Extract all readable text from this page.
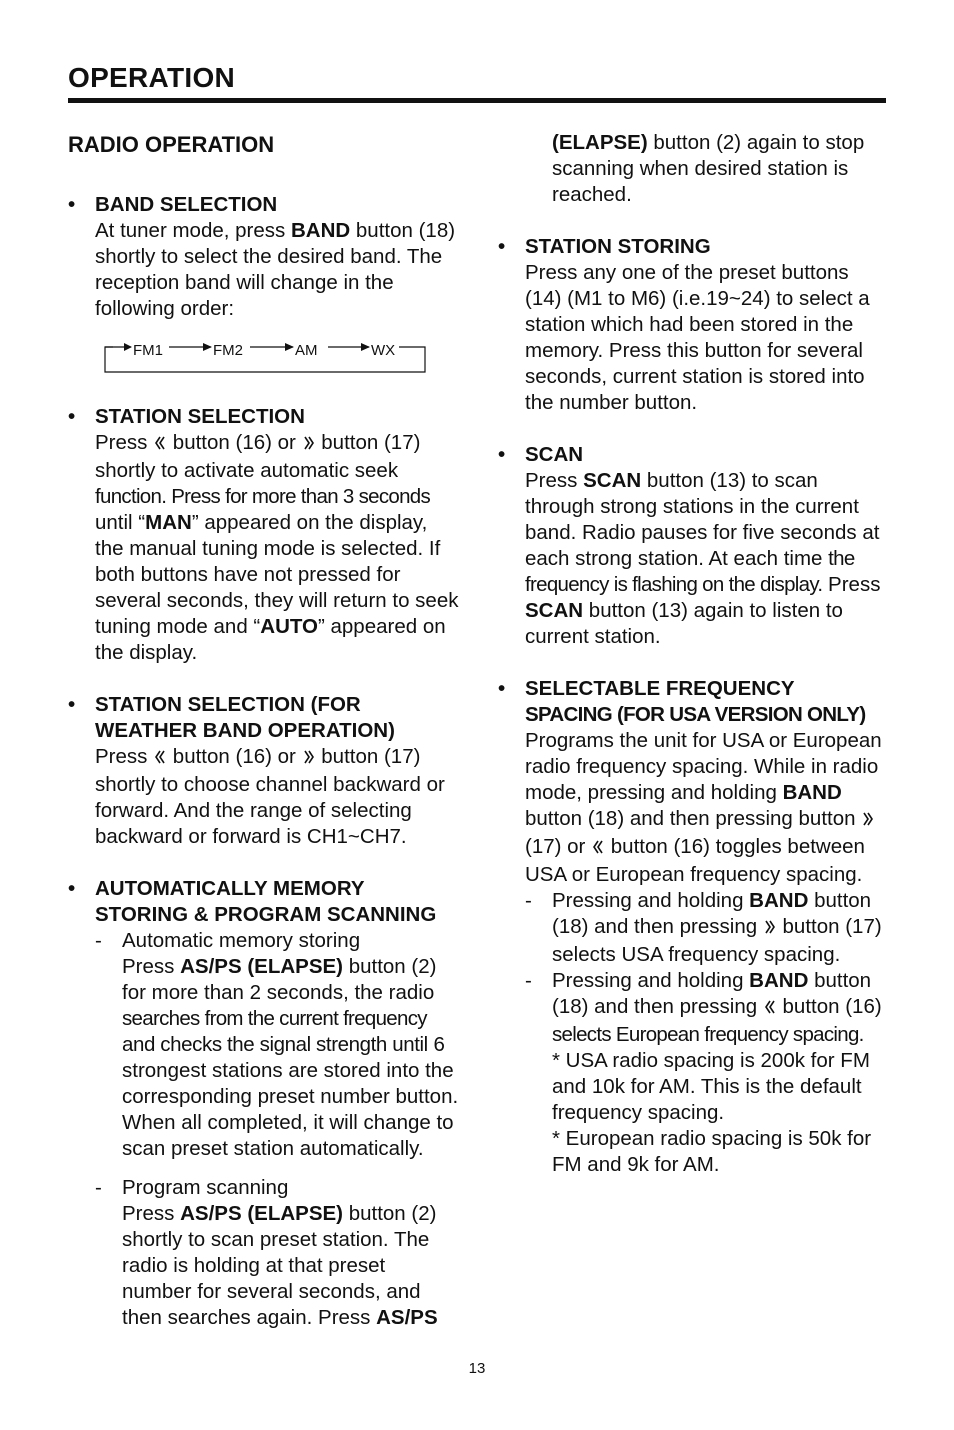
OPERATION
RADIO OPERATION
• BAND SELECTION
At tuner mode, press BAND button (18) shortly to select the desired band. The reception band will change in the following order:
FM1	FM2	AM	WX
• STATION SELECTION
Press  button (16) or  button (17) shortly to activate automatic seek function. Press for more than 3 seconds until “MAN” appeared on the display, the manual tuning mode is selected. If both buttons have not pressed for several seconds, they will return to seek tuning mode and “AUTO” appeared on the display.
• STATION SELECTION (FOR
WEATHER BAND OPERATION)
Press  button (16) or  button (17) shortly to choose channel backward or forward. And the range of selecting backward or forward is CH1~CH7.
• AUTOMATICALLY MEMORY
STORING & PROGRAM SCANNING
- Automatic memory storing
Press AS/PS (ELAPSE) button (2) for more than 2 seconds, the radio searches from the current frequency and checks the signal strength until 6 strongest stations are stored into the corresponding preset number button. When all completed, it will change to scan preset station automatically.
- Program scanning
Press AS/PS (ELAPSE) button (2) shortly to scan preset station. The radio is holding at that preset number for several seconds, and then searches again. Press AS/PS
(ELAPSE) button (2) again to stop scanning when desired station is reached.
• STATION STORING
Press any one of the preset buttons (14) (M1 to M6) (i.e.19~24) to select a station which had been stored in the memory. Press this button for several seconds, current station is stored into the number button.
• SCAN
Press SCAN button (13) to scan through strong stations in the current band. Radio pauses for five seconds at each strong station. At each time the frequency is flashing on the display. Press SCAN button (13) again to listen to current station.
• SELECTABLE FREQUENCY
SPACING (FOR USA VERSION ONLY)
Programs the unit for USA or European radio frequency spacing. While in radio mode, pressing and holding BAND button (18) and then pressing button  (17) or  button (16) toggles between USA or European frequency spacing.
- Pressing and holding BAND button (18) and then pressing  button (17) selects USA frequency spacing.
- Pressing and holding BAND button (18) and then pressing  button (16) selects European frequency spacing.
* USA radio spacing is 200k for FM and 10k for AM. This is the default frequency spacing.
* European radio spacing is 50k for FM and 9k for AM.
13
